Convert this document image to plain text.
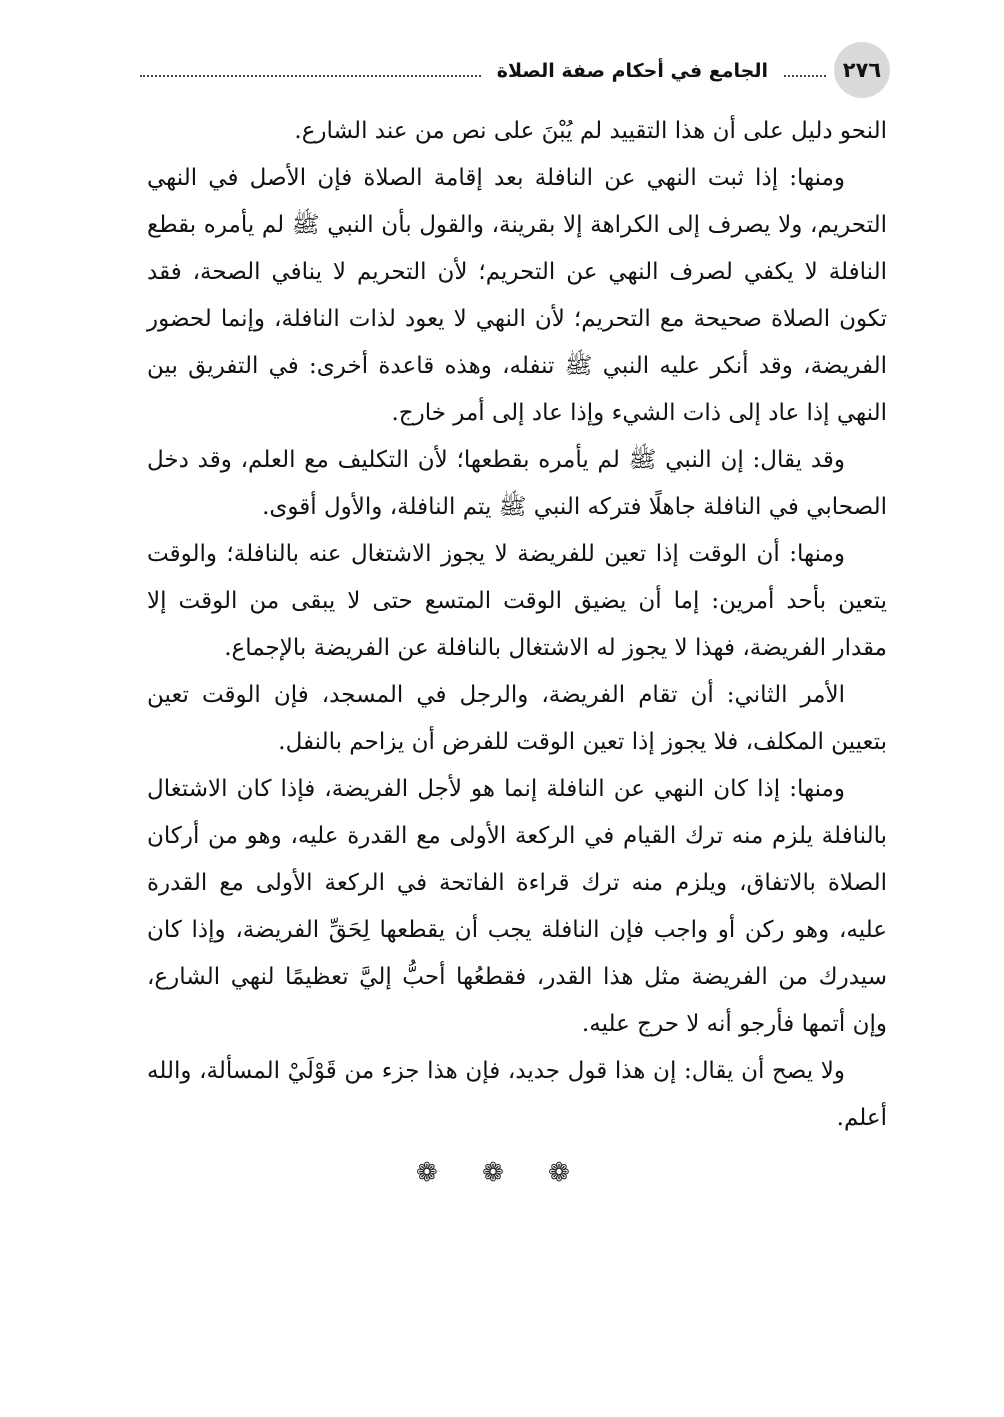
٢٧٦
الجامع في أحكام صفة الصلاة

النحو دليل على أن هذا التقييد لم يُبْنَ على نص من عند الشارع.

ومنها: إذا ثبت النهي عن النافلة بعد إقامة الصلاة فإن الأصل في النهي التحريم، ولا يصرف إلى الكراهة إلا بقرينة، والقول بأن النبي ﷺ لم يأمره بقطع النافلة لا يكفي لصرف النهي عن التحريم؛ لأن التحريم لا ينافي الصحة، فقد تكون الصلاة صحيحة مع التحريم؛ لأن النهي لا يعود لذات النافلة، وإنما لحضور الفريضة، وقد أنكر عليه النبي ﷺ تنفله، وهذه قاعدة أخرى: في التفريق بين النهي إذا عاد إلى ذات الشيء وإذا عاد إلى أمر خارج.

وقد يقال: إن النبي ﷺ لم يأمره بقطعها؛ لأن التكليف مع العلم، وقد دخل الصحابي في النافلة جاهلًا فتركه النبي ﷺ يتم النافلة، والأول أقوى.

ومنها: أن الوقت إذا تعين للفريضة لا يجوز الاشتغال عنه بالنافلة؛ والوقت يتعين بأحد أمرين: إما أن يضيق الوقت المتسع حتى لا يبقى من الوقت إلا مقدار الفريضة، فهذا لا يجوز له الاشتغال بالنافلة عن الفريضة بالإجماع.

الأمر الثاني: أن تقام الفريضة، والرجل في المسجد، فإن الوقت تعين بتعيين المكلف، فلا يجوز إذا تعين الوقت للفرض أن يزاحم بالنفل.

ومنها: إذا كان النهي عن النافلة إنما هو لأجل الفريضة، فإذا كان الاشتغال بالنافلة يلزم منه ترك القيام في الركعة الأولى مع القدرة عليه، وهو من أركان الصلاة بالاتفاق، ويلزم منه ترك قراءة الفاتحة في الركعة الأولى مع القدرة عليه، وهو ركن أو واجب فإن النافلة يجب أن يقطعها لِحَقِّ الفريضة، وإذا كان سيدرك من الفريضة مثل هذا القدر، فقطعُها أحبُّ إليَّ تعظيمًا لنهي الشارع، وإن أتمها فأرجو أنه لا حرج عليه.

ولا يصح أن يقال: إن هذا قول جديد، فإن هذا جزء من قَوْلَيْ المسألة، والله أعلم.

❁ ❁ ❁
